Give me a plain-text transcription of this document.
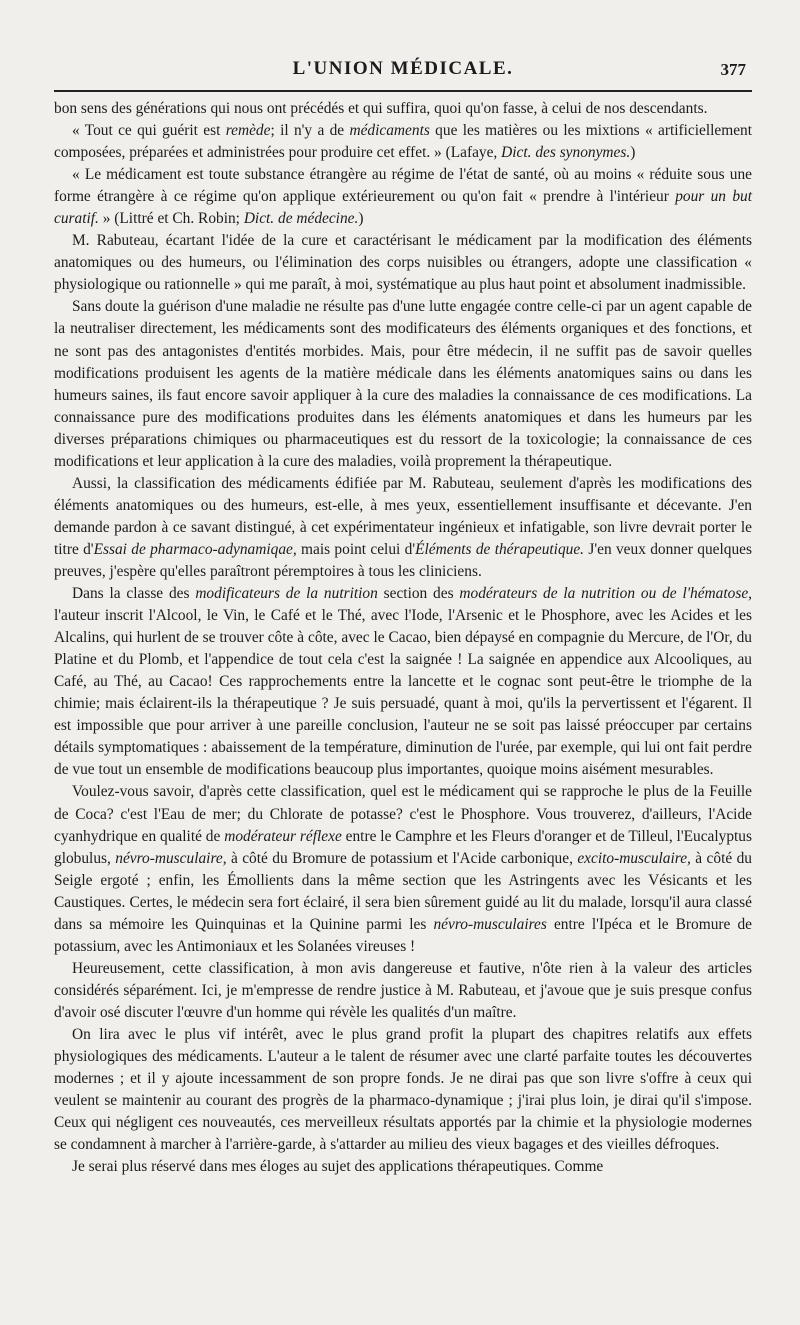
L'UNION MÉDICALE.	377

bon sens des générations qui nous ont précédés et qui suffira, quoi qu'on fasse, à celui de nos descendants.

« Tout ce qui guérit est remède; il n'y a de médicaments que les matières ou les mixtions « artificiellement composées, préparées et administrées pour produire cet effet. » (Lafaye, Dict. des synonymes.)

« Le médicament est toute substance étrangère au régime de l'état de santé, où au moins « réduite sous une forme étrangère à ce régime qu'on applique extérieurement ou qu'on fait « prendre à l'intérieur pour un but curatif. » (Littré et Ch. Robin; Dict. de médecine.)

M. Rabuteau, écartant l'idée de la cure et caractérisant le médicament par la modification des éléments anatomiques ou des humeurs, ou l'élimination des corps nuisibles ou étrangers, adopte une classification « physiologique ou rationnelle » qui me paraît, à moi, systématique au plus haut point et absolument inadmissible.

Sans doute la guérison d'une maladie ne résulte pas d'une lutte engagée contre celle-ci par un agent capable de la neutraliser directement, les médicaments sont des modificateurs des éléments organiques et des fonctions, et ne sont pas des antagonistes d'entités morbides. Mais, pour être médecin, il ne suffit pas de savoir quelles modifications produisent les agents de la matière médicale dans les éléments anatomiques sains ou dans les humeurs saines, ils faut encore savoir appliquer à la cure des maladies la connaissance de ces modifications. La connaissance pure des modifications produites dans les éléments anatomiques et dans les humeurs par les diverses préparations chimiques ou pharmaceutiques est du ressort de la toxicologie; la connaissance de ces modifications et leur application à la cure des maladies, voilà proprement la thérapeutique.

Aussi, la classification des médicaments édifiée par M. Rabuteau, seulement d'après les modifications des éléments anatomiques ou des humeurs, est-elle, à mes yeux, essentiellement insuffisante et décevante. J'en demande pardon à ce savant distingué, à cet expérimentateur ingénieux et infatigable, son livre devrait porter le titre d'Essai de pharmaco-adynamiqae, mais point celui d'Éléments de thérapeutique. J'en veux donner quelques preuves, j'espère qu'elles paraîtront péremptoires à tous les cliniciens.

Dans la classe des modificateurs de la nutrition section des modérateurs de la nutrition ou de l'hématose, l'auteur inscrit l'Alcool, le Vin, le Café et le Thé, avec l'Iode, l'Arsenic et le Phosphore, avec les Acides et les Alcalins, qui hurlent de se trouver côte à côte, avec le Cacao, bien dépaysé en compagnie du Mercure, de l'Or, du Platine et du Plomb, et l'appendice de tout cela c'est la saignée ! La saignée en appendice aux Alcooliques, au Café, au Thé, au Cacao! Ces rapprochements entre la lancette et le cognac sont peut-être le triomphe de la chimie; mais éclairent-ils la thérapeutique ? Je suis persuadé, quant à moi, qu'ils la pervertissent et l'égarent. Il est impossible que pour arriver à une pareille conclusion, l'auteur ne se soit pas laissé préoccuper par certains détails symptomatiques : abaissement de la température, diminution de l'urée, par exemple, qui lui ont fait perdre de vue tout un ensemble de modifications beaucoup plus importantes, quoique moins aisément mesurables.

Voulez-vous savoir, d'après cette classification, quel est le médicament qui se rapproche le plus de la Feuille de Coca? c'est l'Eau de mer; du Chlorate de potasse? c'est le Phosphore. Vous trouverez, d'ailleurs, l'Acide cyanhydrique en qualité de modérateur réflexe entre le Camphre et les Fleurs d'oranger et de Tilleul, l'Eucalyptus globulus, névro-musculaire, à côté du Bromure de potassium et l'Acide carbonique, excito-musculaire, à côté du Seigle ergoté ; enfin, les Émollients dans la même section que les Astringents avec les Vésicants et les Caustiques. Certes, le médecin sera fort éclairé, il sera bien sûrement guidé au lit du malade, lorsqu'il aura classé dans sa mémoire les Quinquinas et la Quinine parmi les névro-musculaires entre l'Ipéca et le Bromure de potassium, avec les Antimoniaux et les Solanées vireuses !

Heureusement, cette classification, à mon avis dangereuse et fautive, n'ôte rien à la valeur des articles considérés séparément. Ici, je m'empresse de rendre justice à M. Rabuteau, et j'avoue que je suis presque confus d'avoir osé discuter l'œuvre d'un homme qui révèle les qualités d'un maître.

On lira avec le plus vif intérêt, avec le plus grand profit la plupart des chapitres relatifs aux effets physiologiques des médicaments. L'auteur a le talent de résumer avec une clarté parfaite toutes les découvertes modernes ; et il y ajoute incessamment de son propre fonds. Je ne dirai pas que son livre s'offre à ceux qui veulent se maintenir au courant des progrès de la pharmaco-dynamique ; j'irai plus loin, je dirai qu'il s'impose. Ceux qui négligent ces nouveautés, ces merveilleux résultats apportés par la chimie et la physiologie modernes se condamnent à marcher à l'arrière-garde, à s'attarder au milieu des vieux bagages et des vieilles défroques.

Je serai plus réservé dans mes éloges au sujet des applications thérapeutiques. Comme
